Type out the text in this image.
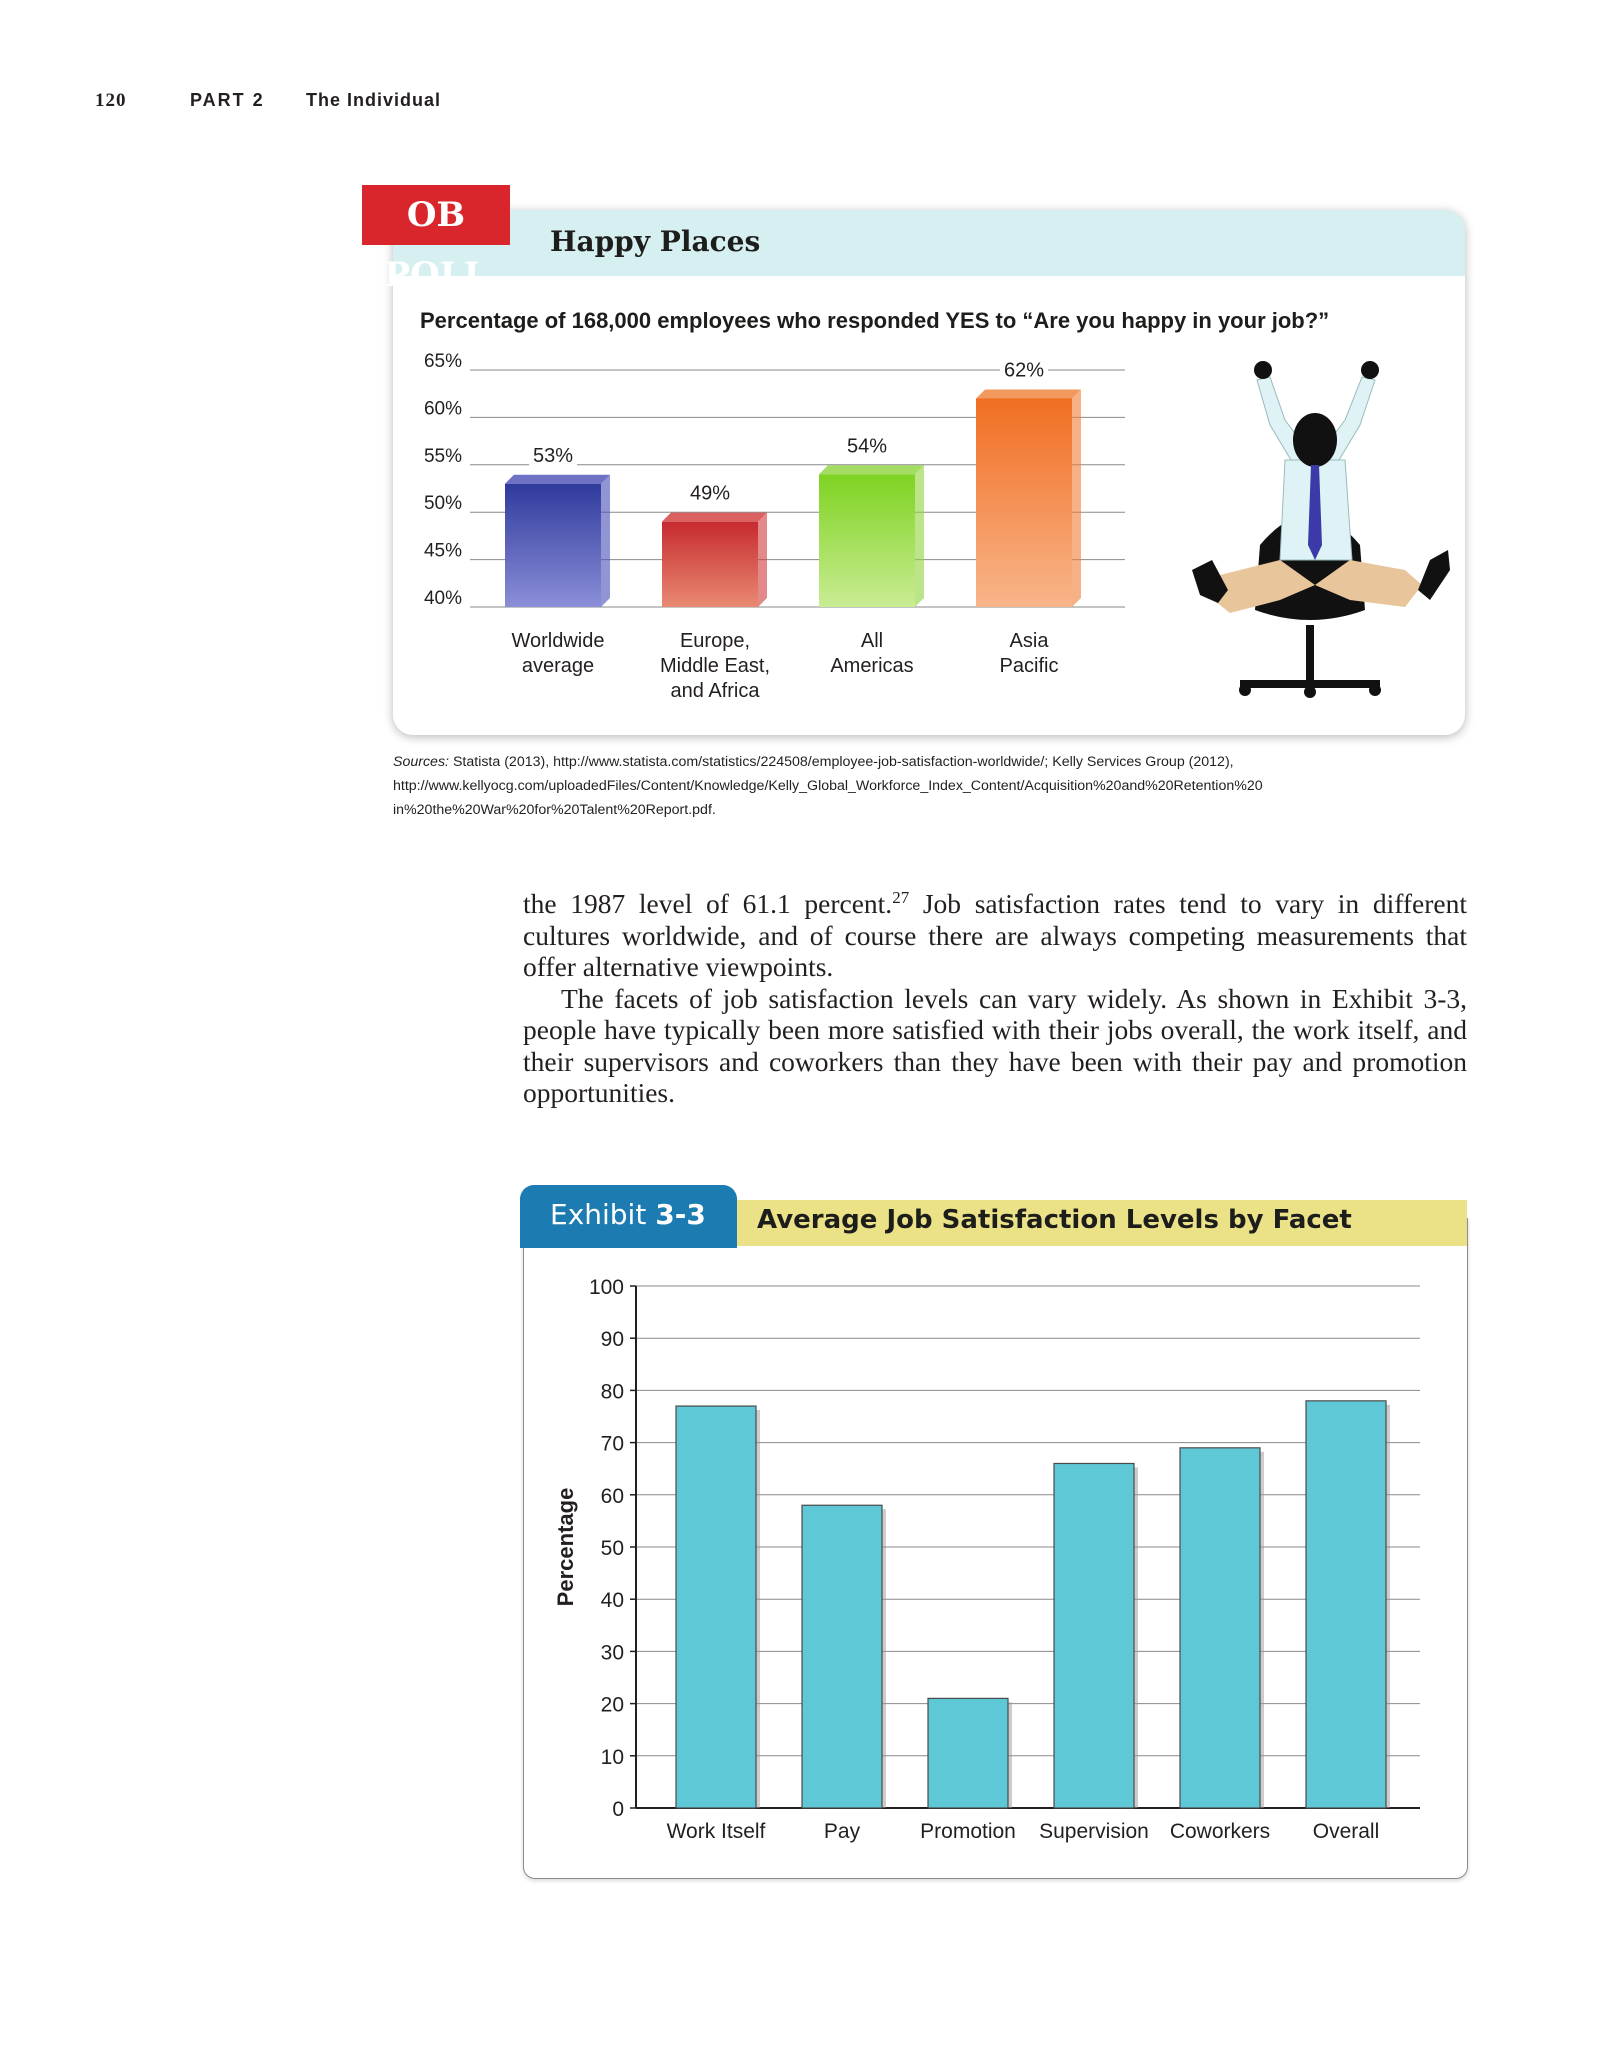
120	PART 2 The Individual
OB POLL
Happy Places
Percentage of 168,000 employees who responded YES to “Are you happy in your job?”
40%
45%
50%
55%
60%
65%
53%
Worldwide
average
49%
Europe,
Middle East,
and Africa
54%
All
Americas
62%
Asia
Pacific
Sources: Statista (2013), http://www.statista.com/statistics/224508/employee-job-satisfaction-worldwide/; Kelly Services Group (2012), http://www.kellyocg.com/uploadedFiles/Content/Knowledge/Kelly_Global_Workforce_Index_Content/Acquisition%20and%20Retention%20 in%20the%20War%20for%20Talent%20Report.pdf.

the 1987 level of 61.1 percent.$^{27}$ Job satisfaction rates tend to vary in different cultures worldwide, and of course there are always competing measurements that offer alternative viewpoints.

The facets of job satisfaction levels can vary widely. As shown in Exhibit 3-3, people have typically been more satisfied with their jobs overall, the work itself, and their supervisors and coworkers than they have been with their pay and promotion opportunities.

Exhibit 3-3 Average Job Satisfaction Levels by Facet
0
10
20
30
40
50
60
70
80
90
100
Percentage
Work Itself	Pay	Promotion Supervision Coworkers Overall
